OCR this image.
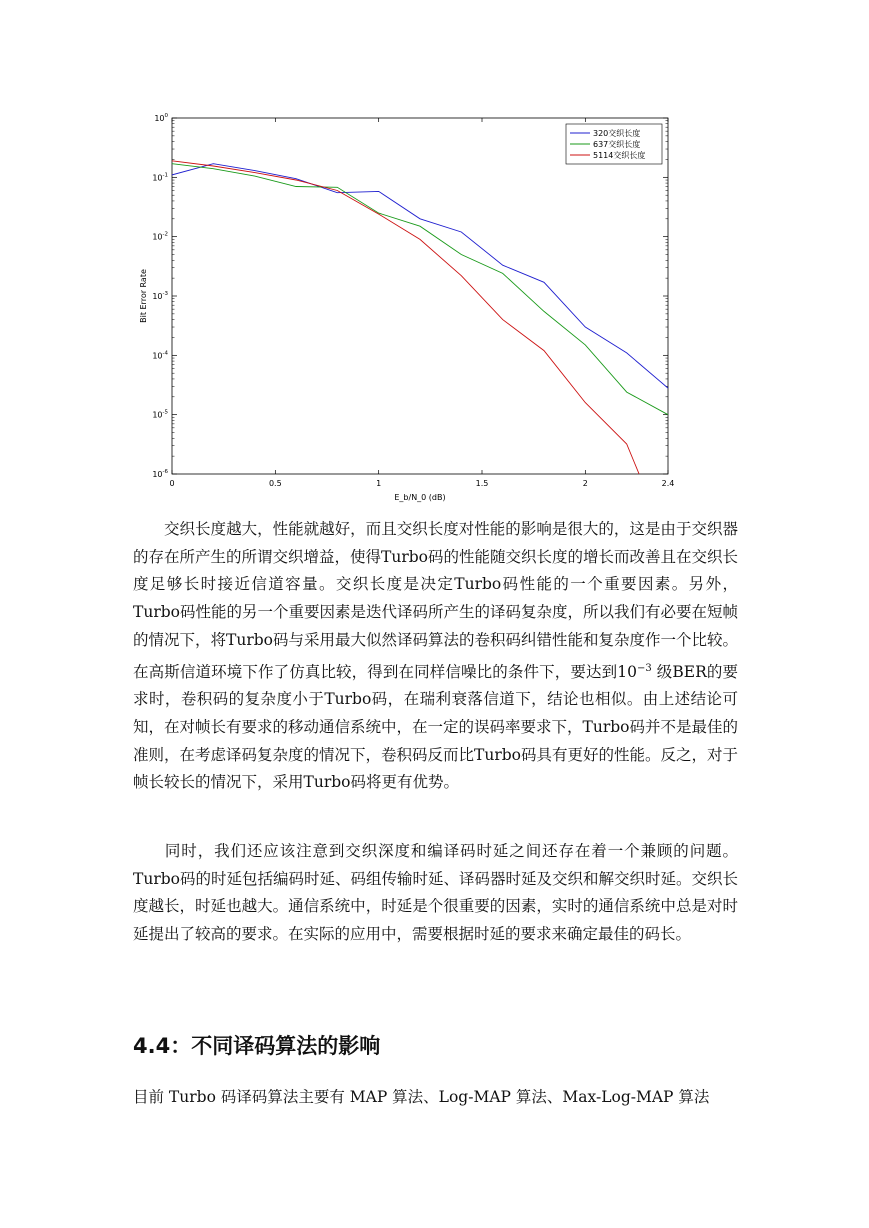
0	0.5	1	1.5	2	2.4
$10^0$
$10^{-1}$
$10^{-2}$
$10^{-3}$
$10^{-4}$
$10^{-5}$
$10^{-6}$
Bit Error Rate
E_b/N_0 (dB)
320交织长度
637交织长度
5114交织长度

交织长度越大，性能就越好，而且交织长度对性能的影响是很大的，这是由于交织器的存在所产生的所谓交织增益，使得Turbo码的性能随交织长度的增长而改善且在交织长度足够长时接近信道容量。交织长度是决定Turbo码性能的一个重要因素。另外，Turbo码性能的另一个重要因素是迭代译码所产生的译码复杂度，所以我们有必要在短帧的情况下，将Turbo码与采用最大似然译码算法的卷积码纠错性能和复杂度作一个比较。在高斯信道环境下作了仿真比较，得到在同样信噪比的条件下，要达到$10^{-3}$ 级BER的要求时，卷积码的复杂度小于Turbo码，在瑞利衰落信道下，结论也相似。由上述结论可知，在对帧长有要求的移动通信系统中，在一定的误码率要求下，Turbo码并不是最佳的准则，在考虑译码复杂度的情况下，卷积码反而比Turbo码具有更好的性能。反之，对于帧长较长的情况下，采用Turbo码将更有优势。

同时，我们还应该注意到交织深度和编译码时延之间还存在着一个兼顾的问题。Turbo码的时延包括编码时延、码组传输时延、译码器时延及交织和解交织时延。交织长度越长，时延也越大。通信系统中，时延是个很重要的因素，实时的通信系统中总是对时延提出了较高的要求。在实际的应用中，需要根据时延的要求来确定最佳的码长。

4.4：不同译码算法的影响

目前 Turbo 码译码算法主要有 MAP 算法、Log-MAP 算法、Max-Log-MAP 算法
